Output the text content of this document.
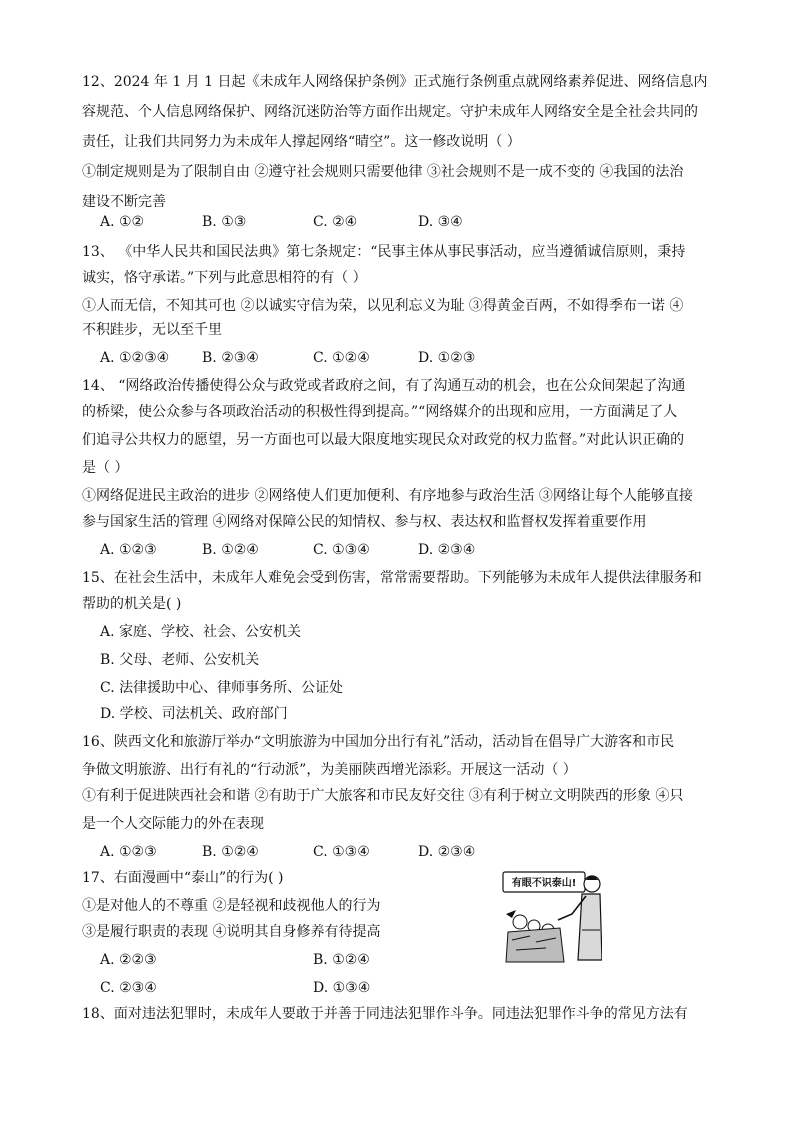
12、2024 年 1 月 1 日起《未成年人网络保护条例》正式施行条例重点就网络素养促进、网络信息内
容规范、个人信息网络保护、网络沉迷防治等方面作出规定。守护未成年人网络安全是全社会共同的
责任，让我们共同努力为未成年人撑起网络“晴空”。这一修改说明（ ）
①制定规则是为了限制自由 ②遵守社会规则只需要他律 ③社会规则不是一成不变的 ④我国的法治
建设不断完善
A. ①②	B. ①③	C. ②④	D. ③④
13、 《中华人民共和国民法典》第七条规定：“民事主体从事民事活动，应当遵循诚信原则，秉持
诚实，恪守承诺。”下列与此意思相符的有（ ）
①人而无信，不知其可也 ②以诚实守信为荣，以见利忘义为耻 ③得黄金百两，不如得季布一诺 ④
不积跬步，无以至千里
A. ①②③④ B. ②③④	C. ①②④	D. ①②③
14、 “网络政治传播使得公众与政党或者政府之间，有了沟通互动的机会，也在公众间架起了沟通
的桥梁，使公众参与各项政治活动的积极性得到提高。”“网络媒介的出现和应用，一方面满足了人
们追寻公共权力的愿望，另一方面也可以最大限度地实现民众对政党的权力监督。”对此认识正确的
是（ ）
①网络促进民主政治的进步 ②网络使人们更加便利、有序地参与政治生活 ③网络让每个人能够直接
参与国家生活的管理 ④网络对保障公民的知情权、参与权、表达权和监督权发挥着重要作用
A. ①②③	B. ①②④	C. ①③④	D. ②③④
15、在社会生活中，未成年人难免会受到伤害，常常需要帮助。下列能够为未成年人提供法律服务和
帮助的机关是( )
A. 家庭、学校、社会、公安机关
B. 父母、老师、公安机关
C. 法律援助中心、律师事务所、公证处
D. 学校、司法机关、政府部门
16、陕西文化和旅游厅举办“文明旅游为中国加分出行有礼”活动，活动旨在倡导广大游客和市民
争做文明旅游、出行有礼的“行动派”，为美丽陕西增光添彩。开展这一活动（ ）
①有利于促进陕西社会和谐 ②有助于广大旅客和市民友好交往 ③有利于树立文明陕西的形象 ④只
是一个人交际能力的外在表现
A. ①②③	B. ①②④	C. ①③④	D. ②③④
17、右面漫画中“泰山”的行为( )
①是对他人的不尊重 ②是轻视和歧视他人的行为
③是履行职责的表现 ④说明其自身修养有待提高
A. ②②③	B. ①②④
C. ②③④	D. ①③④
有眼不识泰山!
18、面对违法犯罪时，未成年人要敢于并善于同违法犯罪作斗争。同违法犯罪作斗争的常见方法有
